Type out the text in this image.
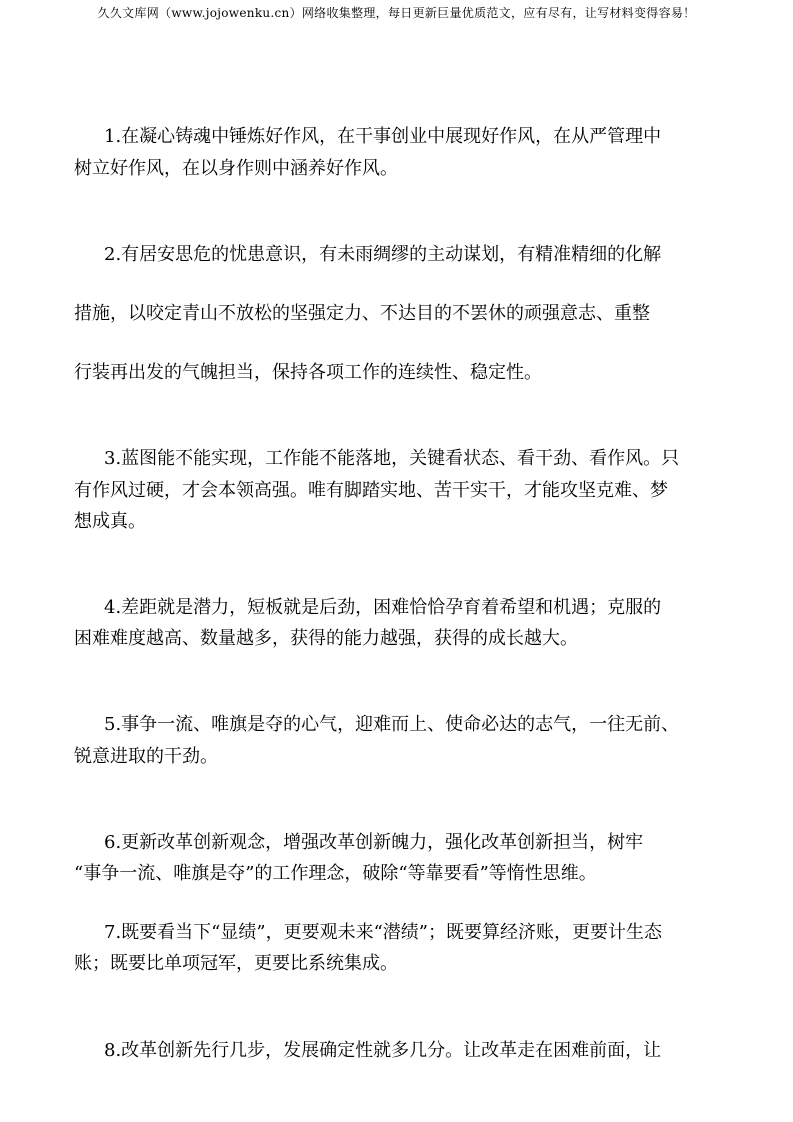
久久文库网（www.jojowenku.cn）网络收集整理，每日更新巨量优质范文，应有尽有，让写材料变得容易！
1.在凝心铸魂中锤炼好作风，在干事创业中展现好作风，在从严管理中
树立好作风，在以身作则中涵养好作风。
2.有居安思危的忧患意识，有未雨绸缪的主动谋划，有精准精细的化解
措施，以咬定青山不放松的坚强定力、不达目的不罢休的顽强意志、重整
行装再出发的气魄担当，保持各项工作的连续性、稳定性。
3.蓝图能不能实现，工作能不能落地，关键看状态、看干劲、看作风。只
有作风过硬，才会本领高强。唯有脚踏实地、苦干实干，才能攻坚克难、梦
想成真。
4.差距就是潜力，短板就是后劲，困难恰恰孕育着希望和机遇；克服的
困难难度越高、数量越多，获得的能力越强，获得的成长越大。
5.事争一流、唯旗是夺的心气，迎难而上、使命必达的志气，一往无前、
锐意进取的干劲。
6.更新改革创新观念，增强改革创新魄力，强化改革创新担当，树牢
“事争一流、唯旗是夺”的工作理念，破除“等靠要看”等惰性思维。
7.既要看当下“显绩”，更要观未来“潜绩”；既要算经济账，更要计生态
账；既要比单项冠军，更要比系统集成。
8.改革创新先行几步，发展确定性就多几分。让改革走在困难前面，让
